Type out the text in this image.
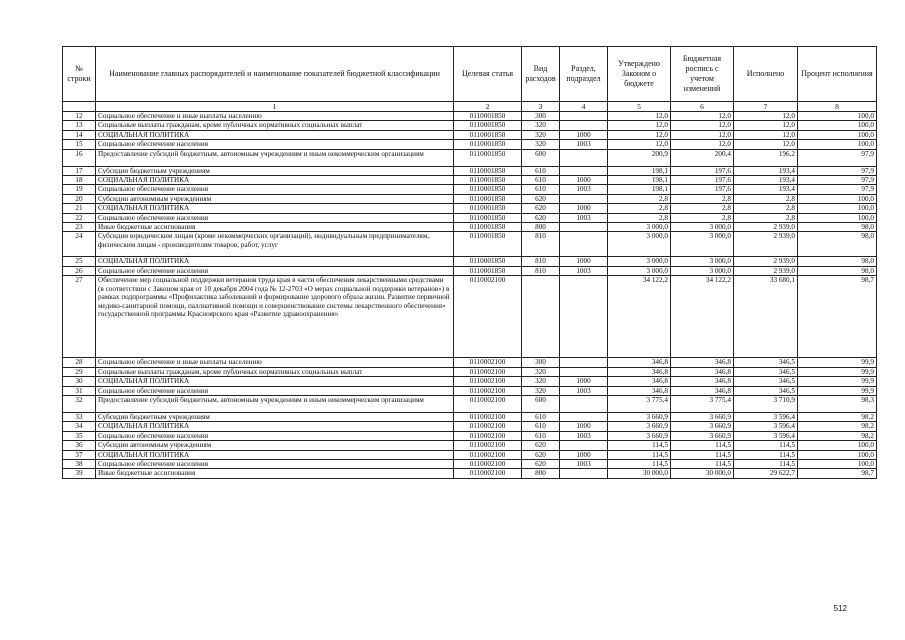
№ строки	Наименование главных распорядителей и наименование показателей бюджетной классификации	Целевая статья	Вид расходов	Раздел, подраздел	Утверждено Законом о бюджете	Бюджетная роспись с учетом изменений	Исполнено	Процент исполнения
	1	2	3	4	5	6	7	8
12	Социальное обеспечение и иные выплаты населению	0110001850	300		12,0	12,0	12,0	100,0
13	Социальные выплаты гражданам, кроме публичных нормативных социальных выплат	0110001850	320		12,0	12,0	12,0	100,0
14	СОЦИАЛЬНАЯ ПОЛИТИКА	0110001850	320	1000	12,0	12,0	12,0	100,0
15	Социальное обеспечение населения	0110001850	320	1003	12,0	12,0	12,0	100,0
16	Предоставление субсидий бюджетным, автономным учреждениям и иным некоммерческим организациям	0110001850	600		200,9	200,4	196,2	97,9
17	Субсидии бюджетным учреждениям	0110001850	610		198,1	197,6	193,4	97,9
18	СОЦИАЛЬНАЯ ПОЛИТИКА	0110001850	610	1000	198,1	197,6	193,4	97,9
19	Социальное обеспечение населения	0110001850	610	1003	198,1	197,6	193,4	97,9
20	Субсидии автономным учреждениям	0110001850	620		2,8	2,8	2,8	100,0
21	СОЦИАЛЬНАЯ ПОЛИТИКА	0110001850	620	1000	2,8	2,8	2,8	100,0
22	Социальное обеспечение населения	0110001850	620	1003	2,8	2,8	2,8	100,0
23	Иные бюджетные ассигнования	0110001850	800		3 000,0	3 000,0	2 939,0	98,0
24	Субсидии юридическим лицам (кроме некоммерческих организаций), индивидуальным предпринимателям, физическим лицам - производителям товаров, работ, услуг	0110001850	810		3 000,0	3 000,0	2 939,0	98,0
25	СОЦИАЛЬНАЯ ПОЛИТИКА	0110001850	810	1000	3 000,0	3 000,0	2 939,0	98,0
26	Социальное обеспечение населения	0110001850	810	1003	3 000,0	3 000,0	2 939,0	98,0
27	Обеспечение мер социальной поддержки ветеранов труда края в части обеспечения лекарственными средствами (в соответствии с Законом края от 10 декабря 2004 года № 12-2703 «О мерах социальной поддержки ветеранов») в рамках подпрограммы «Профилактика заболеваний и формирование здорового образа жизни. Развитие первичной медико-санитарной помощи, паллиативной помощи и совершенствование системы лекарственного обеспечения» государственной программы Красноярского края «Развитие здравоохранения»	0110002100			34 122,2	34 122,2	33 680,1	98,7
28	Социальное обеспечение и иные выплаты населению	0110002100	300		346,8	346,8	346,5	99,9
29	Социальные выплаты гражданам, кроме публичных нормативных социальных выплат	0110002100	320		346,8	346,8	346,5	99,9
30	СОЦИАЛЬНАЯ ПОЛИТИКА	0110002100	320	1000	346,8	346,8	346,5	99,9
31	Социальное обеспечение населения	0110002100	320	1003	346,8	346,8	346,5	99,9
32	Предоставление субсидий бюджетным, автономным учреждениям и иным некоммерческим организациям	0110002100	600		3 775,4	3 775,4	3 710,9	98,3
33	Субсидии бюджетным учреждениям	0110002100	610		3 660,9	3 660,9	3 596,4	98,2
34	СОЦИАЛЬНАЯ ПОЛИТИКА	0110002100	610	1000	3 660,9	3 660,9	3 596,4	98,2
35	Социальное обеспечение населения	0110002100	610	1003	3 660,9	3 660,9	3 596,4	98,2
36	Субсидии автономным учреждениям	0110002100	620		114,5	114,5	114,5	100,0
37	СОЦИАЛЬНАЯ ПОЛИТИКА	0110002100	620	1000	114,5	114,5	114,5	100,0
38	Социальное обеспечение населения	0110002100	620	1003	114,5	114,5	114,5	100,0
39	Иные бюджетные ассигнования	0110002100	800		30 000,0	30 000,0	29 622,7	98,7
512
